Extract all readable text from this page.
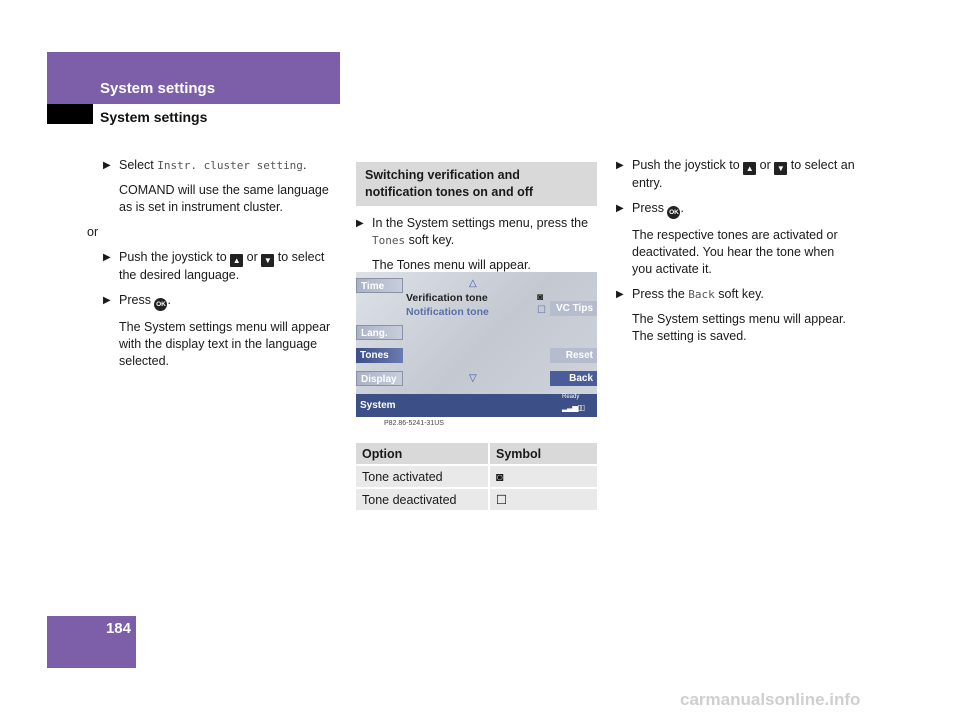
System settings
System settings
▶ Select Instr. cluster setting.
COMAND will use the same language as is set in instrument cluster.
or
▶ Push the joystick to ▲ or ▼ to select the desired language.
▶ Press OK .
The System settings menu will appear with the display text in the language selected.
Switching verification and notification tones on and off
▶ In the System settings menu, press the Tones soft key.
The Tones menu will appear.
Time
Lang.
Tones
Display
△
Verification tone
Notification tone
◙
☐
▽
VC Tips
Reset
Back
System
Ready
▂▃▅▯▯
P82.86-5241-31US
Option	Symbol
Tone activated	◙
Tone deactivated	☐
▶ Push the joystick to ▲ or ▼ to select an entry.
▶ Press OK .
The respective tones are activated or deactivated. You hear the tone when you activate it.
▶ Press the Back soft key.
The System settings menu will appear. The setting is saved.
184
carmanualsonline.info
